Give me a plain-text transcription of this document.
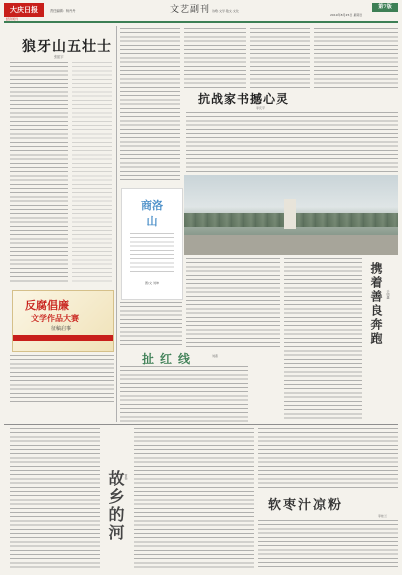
大庆日报
经济周刊
责任编辑：杨丹丹	文艺副刊 诗歌·文学·散文·文化
第7版
2019年8月25日 星期日
狼牙山五壮士
张振宇
反腐倡廉
文学作品大赛
征稿启事
商洛
山
图/文 刘坤
抗战家书撼心灵
李庆平
扯红线	刘燕
携着善良奔跑	于明鑫
故乡的河 黄杨
软枣汁凉粉
李桂兰
